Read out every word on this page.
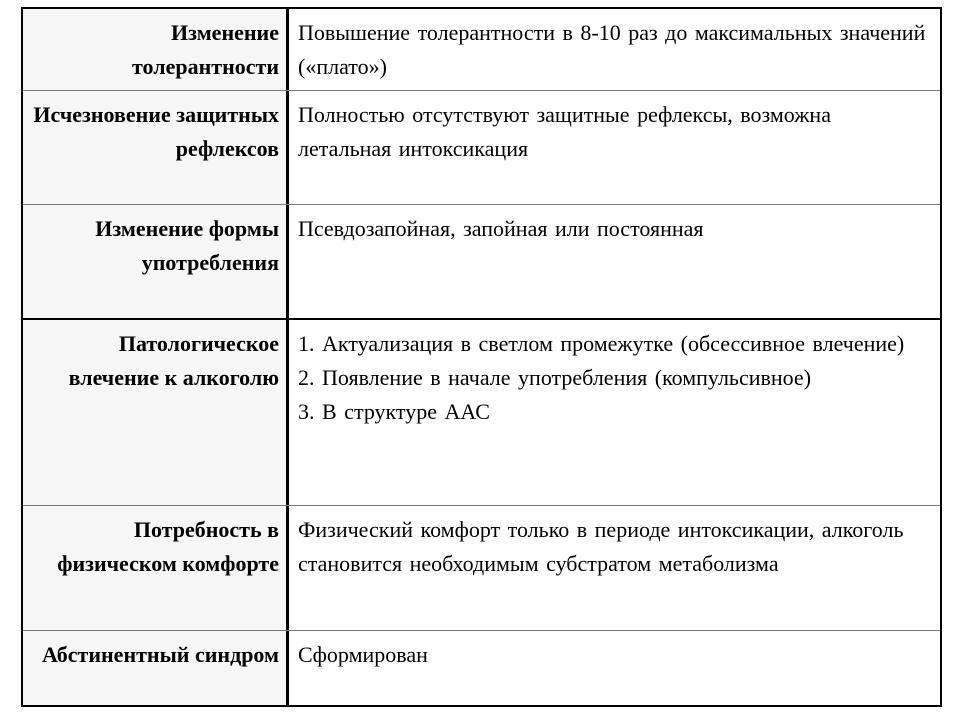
Изменение толерантности
Повышение толерантности в 8-10 раз до максимальных значений («плато»)
Исчезновение защитных рефлексов
Полностью отсутствуют защитные рефлексы, возможна летальная интоксикация
Изменение формы употребления
Псевдозапойная, запойная или постоянная
Патологическое влечение к алкоголю
1. Актуализация в светлом промежутке (обсессивное влечение)
2. Появление в начале употребления (компульсивное)
3. В структуре ААС
Потребность в физическом комфорте
Физический комфорт только в периоде интоксикации, алкоголь становится необходимым субстратом метаболизма
Абстинентный синдром Сформирован
